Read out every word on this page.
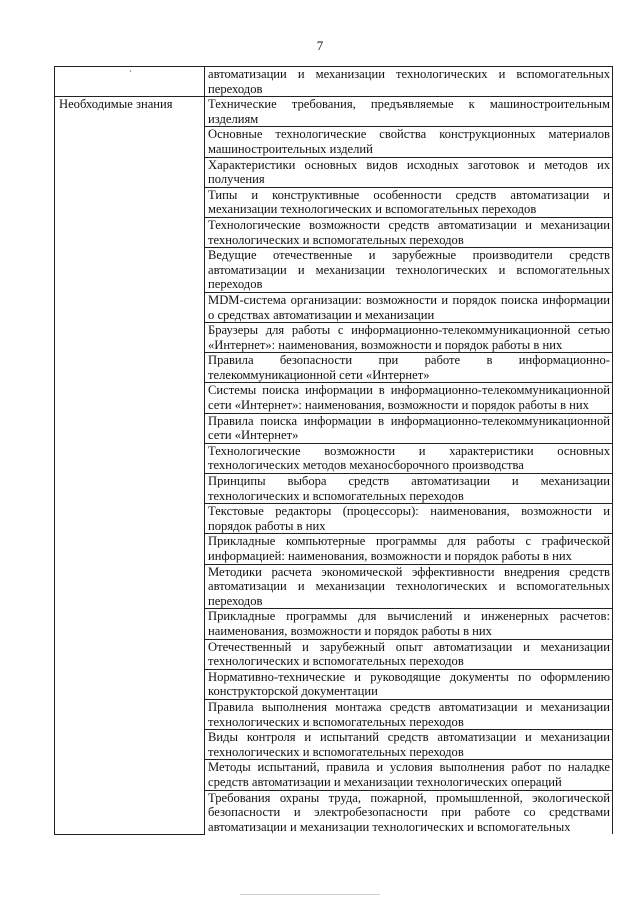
7
`	автоматизации и механизации технологических и вспомогательных переходов
Необходимые знания	Технические требования, предъявляемые к машиностроительным изделиям
	Основные технологические свойства конструкционных материалов машиностроительных изделий
	Характеристики основных видов исходных заготовок и методов их получения
	Типы и конструктивные особенности средств автоматизации и механизации технологических и вспомогательных переходов
	Технологические возможности средств автоматизации и механизации технологических и вспомогательных переходов
	Ведущие отечественные и зарубежные производители средств автоматизации и механизации технологических и вспомогательных переходов
	MDM-система организации: возможности и порядок поиска информации о средствах автоматизации и механизации
	Браузеры для работы с информационно-телекоммуникационной сетью «Интернет»: наименования, возможности и порядок работы в них
	Правила безопасности при работе в информационно-телекоммуникационной сети «Интернет»
	Системы поиска информации в информационно-телекоммуникационной сети «Интернет»: наименования, возможности и порядок работы в них
	Правила поиска информации в информационно-телекоммуникационной сети «Интернет»
	Технологические возможности и характеристики основных технологических методов механосборочного производства
	Принципы выбора средств автоматизации и механизации технологических и вспомогательных переходов
	Текстовые редакторы (процессоры): наименования, возможности и порядок работы в них
	Прикладные компьютерные программы для работы с графической информацией: наименования, возможности и порядок работы в них
	Методики расчета экономической эффективности внедрения средств автоматизации и механизации технологических и вспомогательных переходов
	Прикладные программы для вычислений и инженерных расчетов: наименования, возможности и порядок работы в них
	Отечественный и зарубежный опыт автоматизации и механизации технологических и вспомогательных переходов
	Нормативно-технические и руководящие документы по оформлению конструкторской документации
	Правила выполнения монтажа средств автоматизации и механизации технологических и вспомогательных переходов
	Виды контроля и испытаний средств автоматизации и механизации технологических и вспомогательных переходов
	Методы испытаний, правила и условия выполнения работ по наладке средств автоматизации и механизации технологических операций
	Требования охраны труда, пожарной, промышленной, экологической безопасности и электробезопасности при работе со средствами автоматизации и механизации технологических и вспомогательных
